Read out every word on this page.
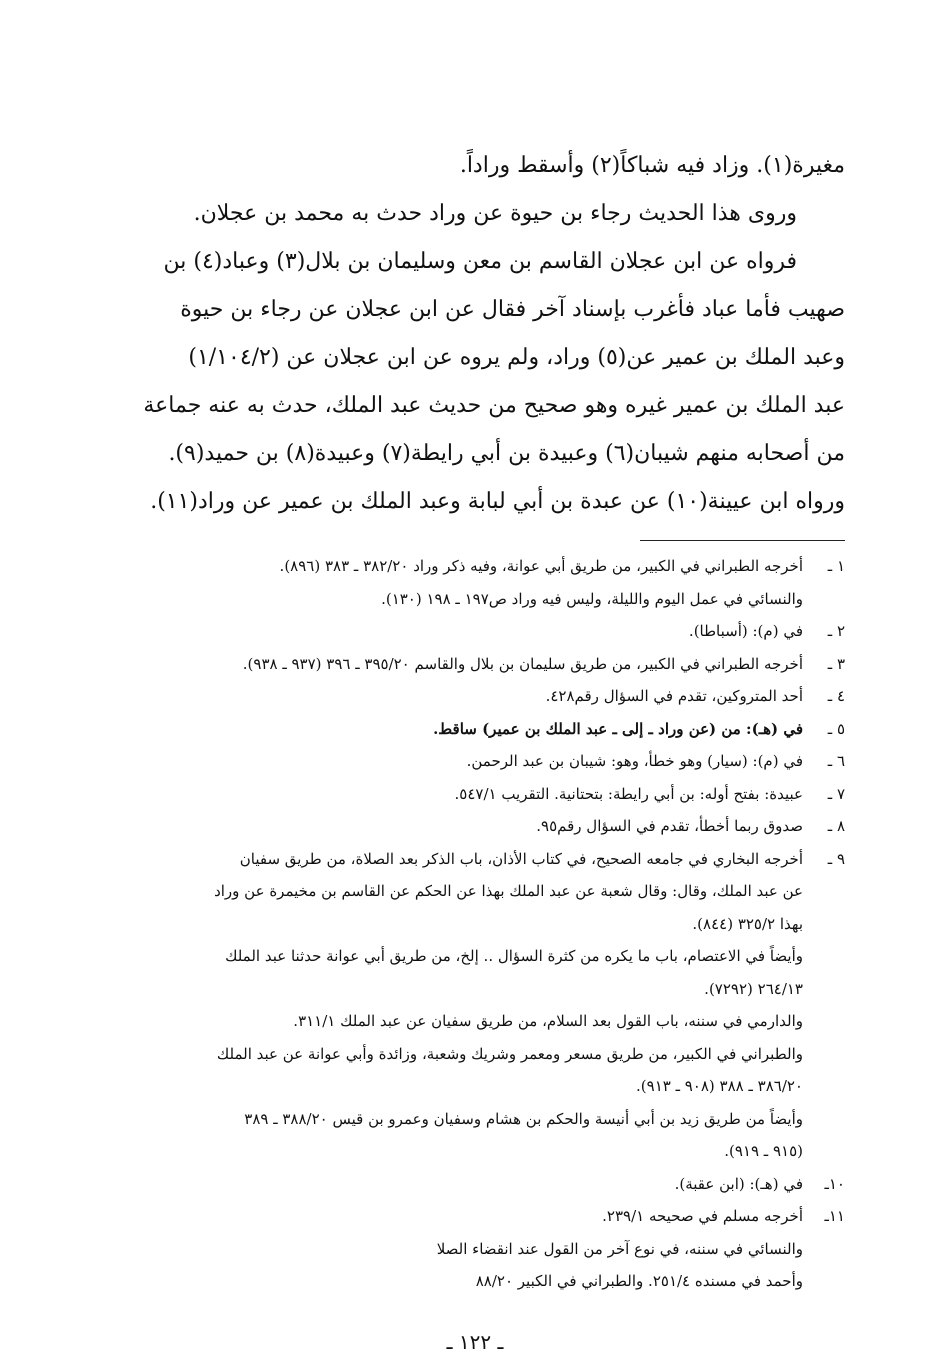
مغيرة(١). وزاد فيه شباكاً(٢) وأسقط وراداً.
وروى هذا الحديث رجاء بن حيوة عن وراد حدث به محمد بن عجلان.
فرواه عن ابن عجلان القاسم بن معن وسليمان بن بلال(٣) وعباد(٤) بن
صهيب فأما عباد فأغرب بإسناد آخر فقال عن ابن عجلان عن رجاء بن حيوة
وعبد الملك بن عمير عن(٥) وراد، ولم يروه عن ابن عجلان عن (١/١٠٤/٢)
عبد الملك بن عمير غيره وهو صحيح من حديث عبد الملك، حدث به عنه جماعة
من أصحابه منهم شيبان(٦) وعبيدة بن أبي رايطة(٧) وعبيدة(٨) بن حميد(٩).
ورواه ابن عيينة(١٠) عن عبدة بن أبي لبابة وعبد الملك بن عمير عن وراد(١١).
١ ـأخرجه الطبراني في الكبير، من طريق أبي عوانة، وفيه ذكر وراد ٣٨٢/٢٠ ـ ٣٨٣ (٨٩٦).
والنسائي في عمل اليوم والليلة، وليس فيه وراد ص١٩٧ ـ ١٩٨ (١٣٠).
٢ ـفي (م): (أسباطا).
٣ ـأخرجه الطبراني في الكبير، من طريق سليمان بن بلال والقاسم ٣٩٥/٢٠ ـ ٣٩٦ (٩٣٧ ـ ٩٣٨).
٤ ـأحد المتروكين، تقدم في السؤال رقم٤٢٨.
٥ ـفي (هـ): من (عن وراد ـ إلى ـ عبد الملك بن عمير) ساقط.
٦ ـفي (م): (سيار) وهو خطأ، وهو: شيبان بن عبد الرحمن.
٧ ـعبيدة: بفتح أوله: بن أبي رايطة: بتحتانية. التقريب ٥٤٧/١.
٨ ـصدوق ربما أخطأ، تقدم في السؤال رقم٩٥.
٩ ـأخرجه البخاري في جامعه الصحيح، في كتاب الأذان، باب الذكر بعد الصلاة، من طريق سفيان
عن عبد الملك، وقال: وقال شعبة عن عبد الملك بهذا عن الحكم عن القاسم بن مخيمرة عن وراد
بهذا ٣٢٥/٢ (٨٤٤).
وأيضاً في الاعتصام، باب ما يكره من كثرة السؤال .. إلخ، من طريق أبي عوانة حدثنا عبد الملك
٢٦٤/١٣ (٧٢٩٢).
والدارمي في سننه، باب القول بعد السلام، من طريق سفيان عن عبد الملك ٣١١/١.
والطبراني في الكبير، من طريق مسعر ومعمر وشريك وشعبة، وزائدة وأبي عوانة عن عبد الملك
٣٨٦/٢٠ ـ ٣٨٨ (٩٠٨ ـ ٩١٣).
وأيضاً من طريق زيد بن أبي أنيسة والحكم بن هشام وسفيان وعمرو بن قيس ٣٨٨/٢٠ ـ ٣٨٩
(٩١٥ ـ ٩١٩).
١٠ـفي (هـ): (ابن عقبة).
١١ـأخرجه مسلم في صحيحه ٢٣٩/١.
والنسائي في سننه، في نوع آخر من القول عند انقضاء الصلا
وأحمد في مسنده ٢٥١/٤. والطبراني في الكبير ٨٨/٢٠
ـ ١٢٢ ـ
